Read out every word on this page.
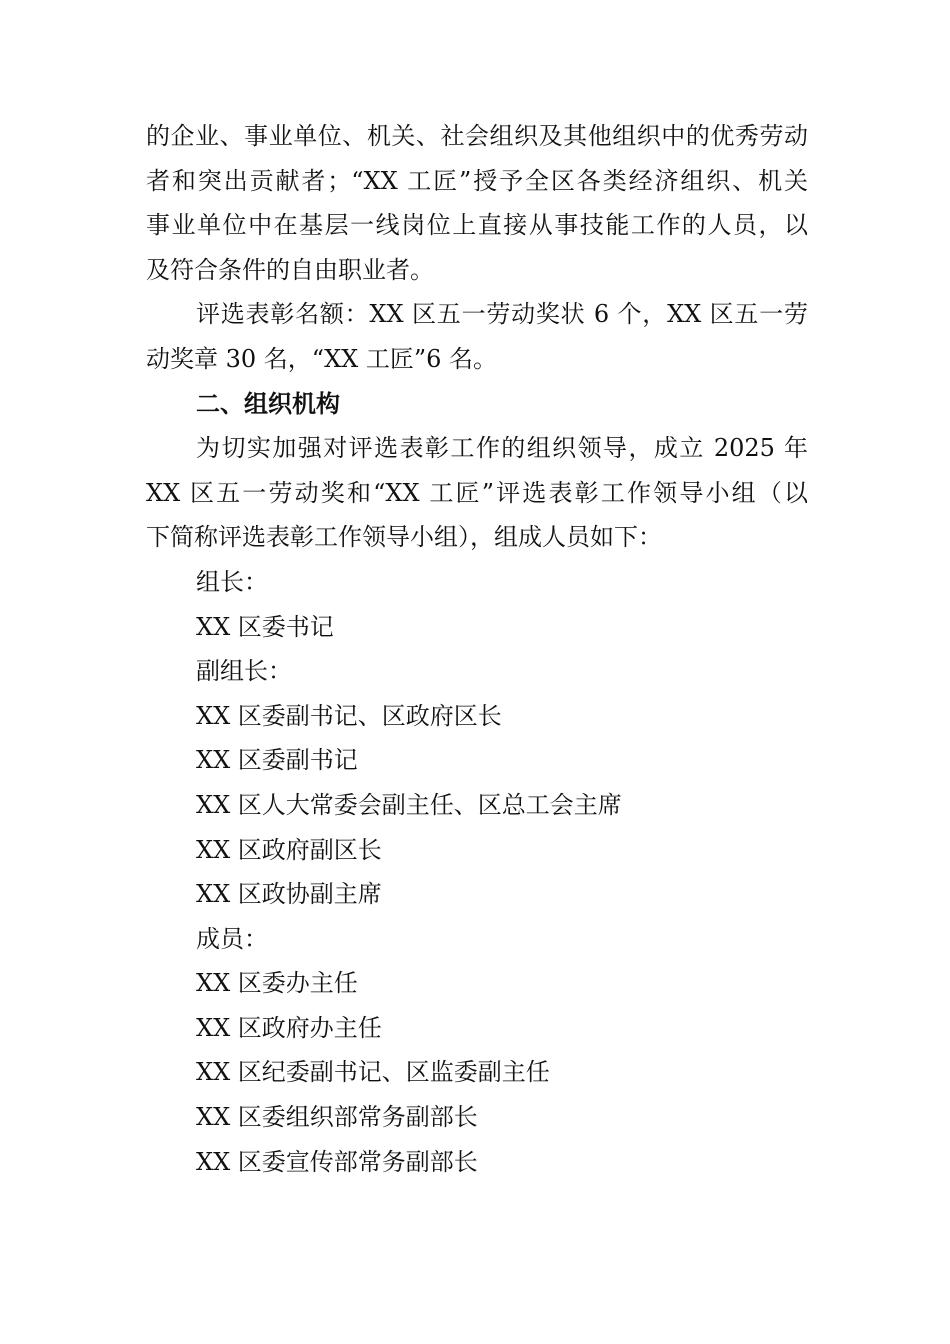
的企业、事业单位、机关、社会组织及其他组织中的优秀劳动
者和突出贡献者；“XX 工匠”授予全区各类经济组织、机关
事业单位中在基层一线岗位上直接从事技能工作的人员，以
及符合条件的自由职业者。
评选表彰名额：XX 区五一劳动奖状 6 个，XX 区五一劳
动奖章 30 名，“XX 工匠”6 名。
二、组织机构
为切实加强对评选表彰工作的组织领导，成立 2025 年
XX 区五一劳动奖和“XX 工匠”评选表彰工作领导小组（以
下简称评选表彰工作领导小组），组成人员如下：
组长：
XX 区委书记
副组长：
XX 区委副书记、区政府区长
XX 区委副书记
XX 区人大常委会副主任、区总工会主席
XX 区政府副区长
XX 区政协副主席
成员：
XX 区委办主任
XX 区政府办主任
XX 区纪委副书记、区监委副主任
XX 区委组织部常务副部长
XX 区委宣传部常务副部长
